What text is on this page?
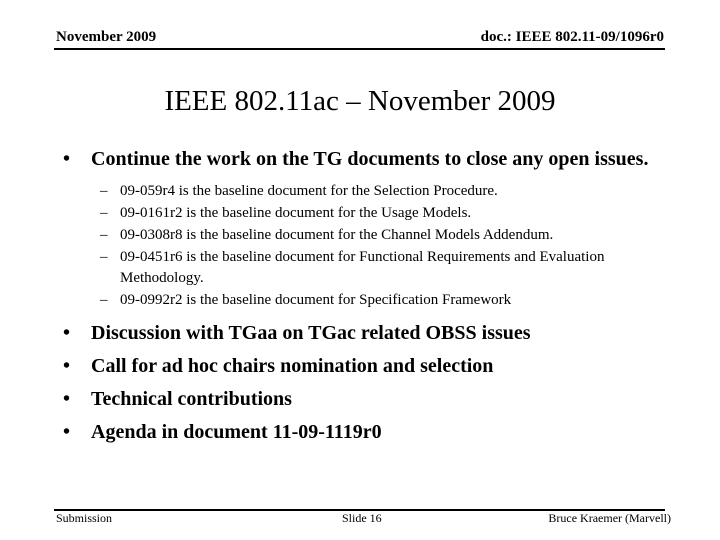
November 2009	doc.: IEEE 802.11-09/1096r0
IEEE 802.11ac – November 2009
•	Continue the work on the TG documents to close any open issues.
– 09-059r4 is the baseline document for the Selection Procedure.
– 09-0161r2 is the baseline document for the Usage Models.
– 09-0308r8 is the baseline document for the Channel Models Addendum.
– 09-0451r6 is the baseline document for Functional Requirements and Evaluation Methodology.
– 09-0992r2 is the baseline document for Specification Framework
•	Discussion with TGaa on TGac related OBSS issues
•	Call for ad hoc chairs nomination and selection
•	Technical contributions
•	Agenda in document 11-09-1119r0
Submission	Slide 16	Bruce Kraemer (Marvell)
